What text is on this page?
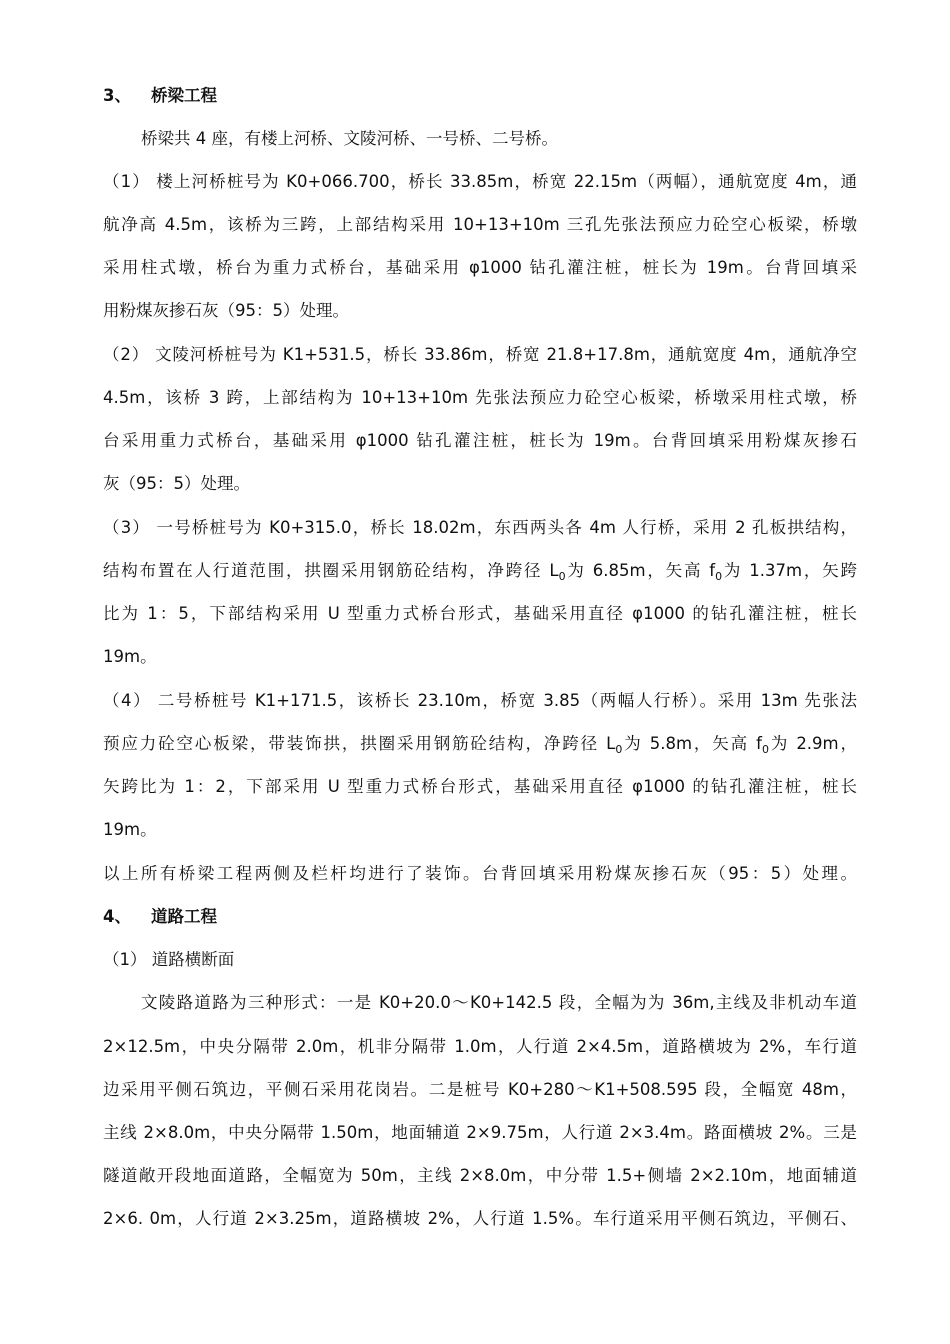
3、 桥梁工程
桥梁共 4 座，有楼上河桥、文陵河桥、一号桥、二号桥。
（1） 楼上河桥桩号为 K0+066.700，桥长 33.85m，桥宽 22.15m（两幅），通航宽度 4m，通
航净高 4.5m，该桥为三跨，上部结构采用 10+13+10m 三孔先张法预应力砼空心板梁，桥墩
采用柱式墩，桥台为重力式桥台，基础采用 φ1000 钻孔灌注桩，桩长为 19m。台背回填采
用粉煤灰掺石灰（95：5）处理。
（2） 文陵河桥桩号为 K1+531.5，桥长 33.86m，桥宽 21.8+17.8m，通航宽度 4m，通航净空
4.5m，该桥 3 跨，上部结构为 10+13+10m 先张法预应力砼空心板梁，桥墩采用柱式墩，桥
台采用重力式桥台，基础采用 φ1000 钻孔灌注桩，桩长为 19m。台背回填采用粉煤灰掺石
灰（95：5）处理。
（3） 一号桥桩号为 K0+315.0，桥长 18.02m，东西两头各 4m 人行桥，采用 2 孔板拱结构，
结构布置在人行道范围，拱圈采用钢筋砼结构，净跨径 $L_0$为 6.85m，矢高 $f_0$为 1.37m，矢跨
比为 1：5，下部结构采用 U 型重力式桥台形式，基础采用直径 φ1000 的钻孔灌注桩，桩长
19m。
（4） 二号桥桩号 K1+171.5，该桥长 23.10m，桥宽 3.85（两幅人行桥）。采用 13m 先张法
预应力砼空心板梁，带装饰拱，拱圈采用钢筋砼结构，净跨径 $L_0$为 5.8m，矢高 $f_0$为 2.9m，
矢跨比为 1：2，下部采用 U 型重力式桥台形式，基础采用直径 φ1000 的钻孔灌注桩，桩长
19m。
以上所有桥梁工程两侧及栏杆均进行了装饰。台背回填采用粉煤灰掺石灰（95：5）处理。
4、 道路工程
（1） 道路横断面
文陵路道路为三种形式：一是 K0+20.0～K0+142.5 段，全幅为为 36m,主线及非机动车道
2×12.5m，中央分隔带 2.0m，机非分隔带 1.0m，人行道 2×4.5m，道路横坡为 2%，车行道
边采用平侧石筑边，平侧石采用花岗岩。二是桩号 K0+280～K1+508.595 段，全幅宽 48m，
主线 2×8.0m，中央分隔带 1.50m，地面辅道 2×9.75m，人行道 2×3.4m。路面横坡 2%。三是
隧道敞开段地面道路，全幅宽为 50m，主线 2×8.0m，中分带 1.5+侧墙 2×2.10m，地面辅道
2×6. 0m，人行道 2×3.25m，道路横坡 2%，人行道 1.5%。车行道采用平侧石筑边，平侧石、
